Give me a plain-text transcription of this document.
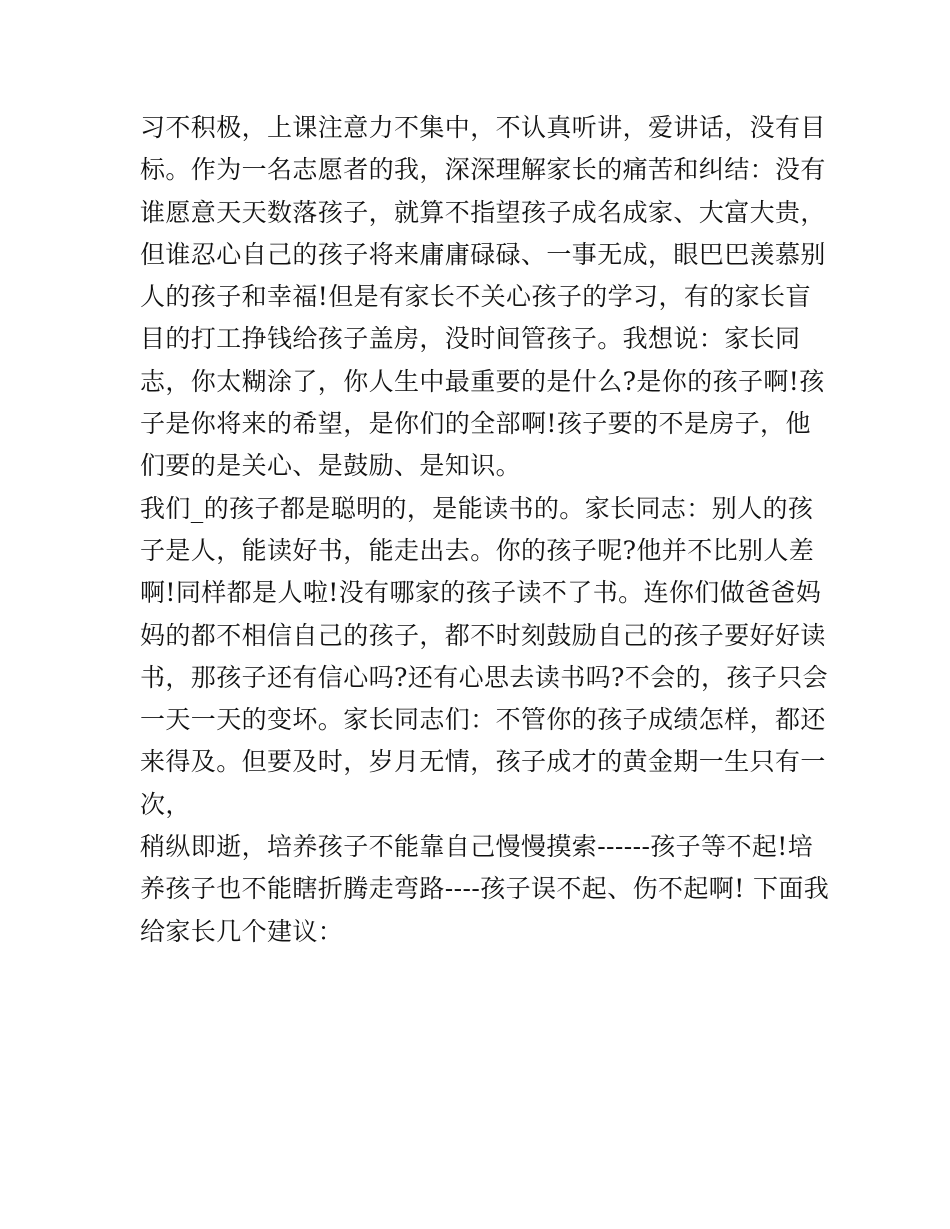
习不积极，上课注意力不集中，不认真听讲，爱讲话，没有目
标。作为一名志愿者的我，深深理解家长的痛苦和纠结：没有
谁愿意天天数落孩子，就算不指望孩子成名成家、大富大贵，
但谁忍心自己的孩子将来庸庸碌碌、一事无成，眼巴巴羡慕别
人的孩子和幸福!但是有家长不关心孩子的学习，有的家长盲
目的打工挣钱给孩子盖房，没时间管孩子。我想说：家长同
志，你太糊涂了，你人生中最重要的是什么?是你的孩子啊!孩
子是你将来的希望，是你们的全部啊!孩子要的不是房子，他
们要的是关心、是鼓励、是知识。
我们_的孩子都是聪明的，是能读书的。家长同志：别人的孩
子是人，能读好书，能走出去。你的孩子呢?他并不比别人差
啊!同样都是人啦!没有哪家的孩子读不了书。连你们做爸爸妈
妈的都不相信自己的孩子，都不时刻鼓励自己的孩子要好好读
书，那孩子还有信心吗?还有心思去读书吗?不会的，孩子只会
一天一天的变坏。家长同志们：不管你的孩子成绩怎样，都还
来得及。但要及时，岁月无情，孩子成才的黄金期一生只有一
次，
稍纵即逝，培养孩子不能靠自己慢慢摸索------孩子等不起!培
养孩子也不能瞎折腾走弯路----孩子误不起、伤不起啊! 下面我
给家长几个建议：
